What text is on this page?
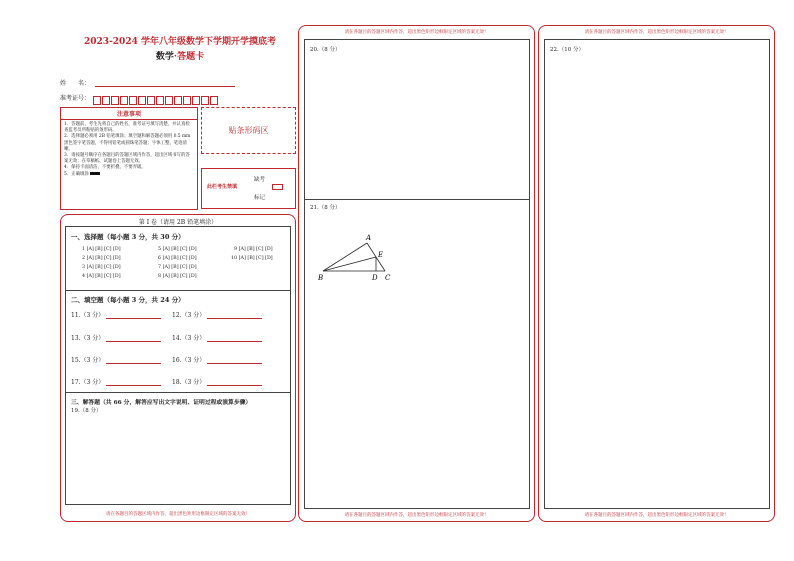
2023-2024 学年八年级数学下学期开学摸底考
数学·答题卡
姓　　名：
准考证号：
注意事项
1．答题前，考生先将自己的姓名，准考证号填写清楚，并认真检查监考员所粘贴的条形码。
2．选择题必须用 2B 铅笔填涂；填空题和解答题必须用 0.5 mm 黑色签字笔答题，不得用铅笔或圆珠笔答题；字体工整、笔迹清晰。
3．请按题号顺序在各题目的答题区域内作答，超出区域书写的答案无效；在草稿纸、试题卷上答题无效。
4．保持卡面清洁，不要折叠、不要弄破。
5．正确填涂
贴条形码区
缺考
此栏考生禁填
标记
第 I 卷（请用 2B 铅笔填涂）
一、选择题（每小题 3 分，共 30 分）
1 [A] [B] [C] [D]	5 [A] [B] [C] [D]	9 [A] [B] [C] [D]
2 [A] [B] [C] [D]	6 [A] [B] [C] [D]	10 [A] [B] [C] [D]
3 [A] [B] [C] [D]	7 [A] [B] [C] [D]
4 [A] [B] [C] [D]	8 [A] [B] [C] [D]
二、填空题（每小题 3 分，共 24 分）
11.（3 分）	12.（3 分）
13.（3 分）	14.（3 分）
15.（3 分）	16.（3 分）
17.（3 分）	18.（3 分）
三、解答题（共 66 分，解答应写出文字说明、证明过程或演算步骤）
19.（8 分）
请在各题目的答题区域内作答，超出黑色矩形边框限定区域的答案无效！
请在各题目的答题区域内作答，超出黑色矩形边框限定区域的答案无效！
20.（8 分）
21.（8 分）
A
E
B	D C
请在各题目的答题区域内作答，超出黑色矩形边框限定区域的答案无效！
请在各题目的答题区域内作答，超出黑色矩形边框限定区域的答案无效！
22.（10 分）
请在各题目的答题区域内作答，超出黑色矩形边框限定区域的答案无效！
